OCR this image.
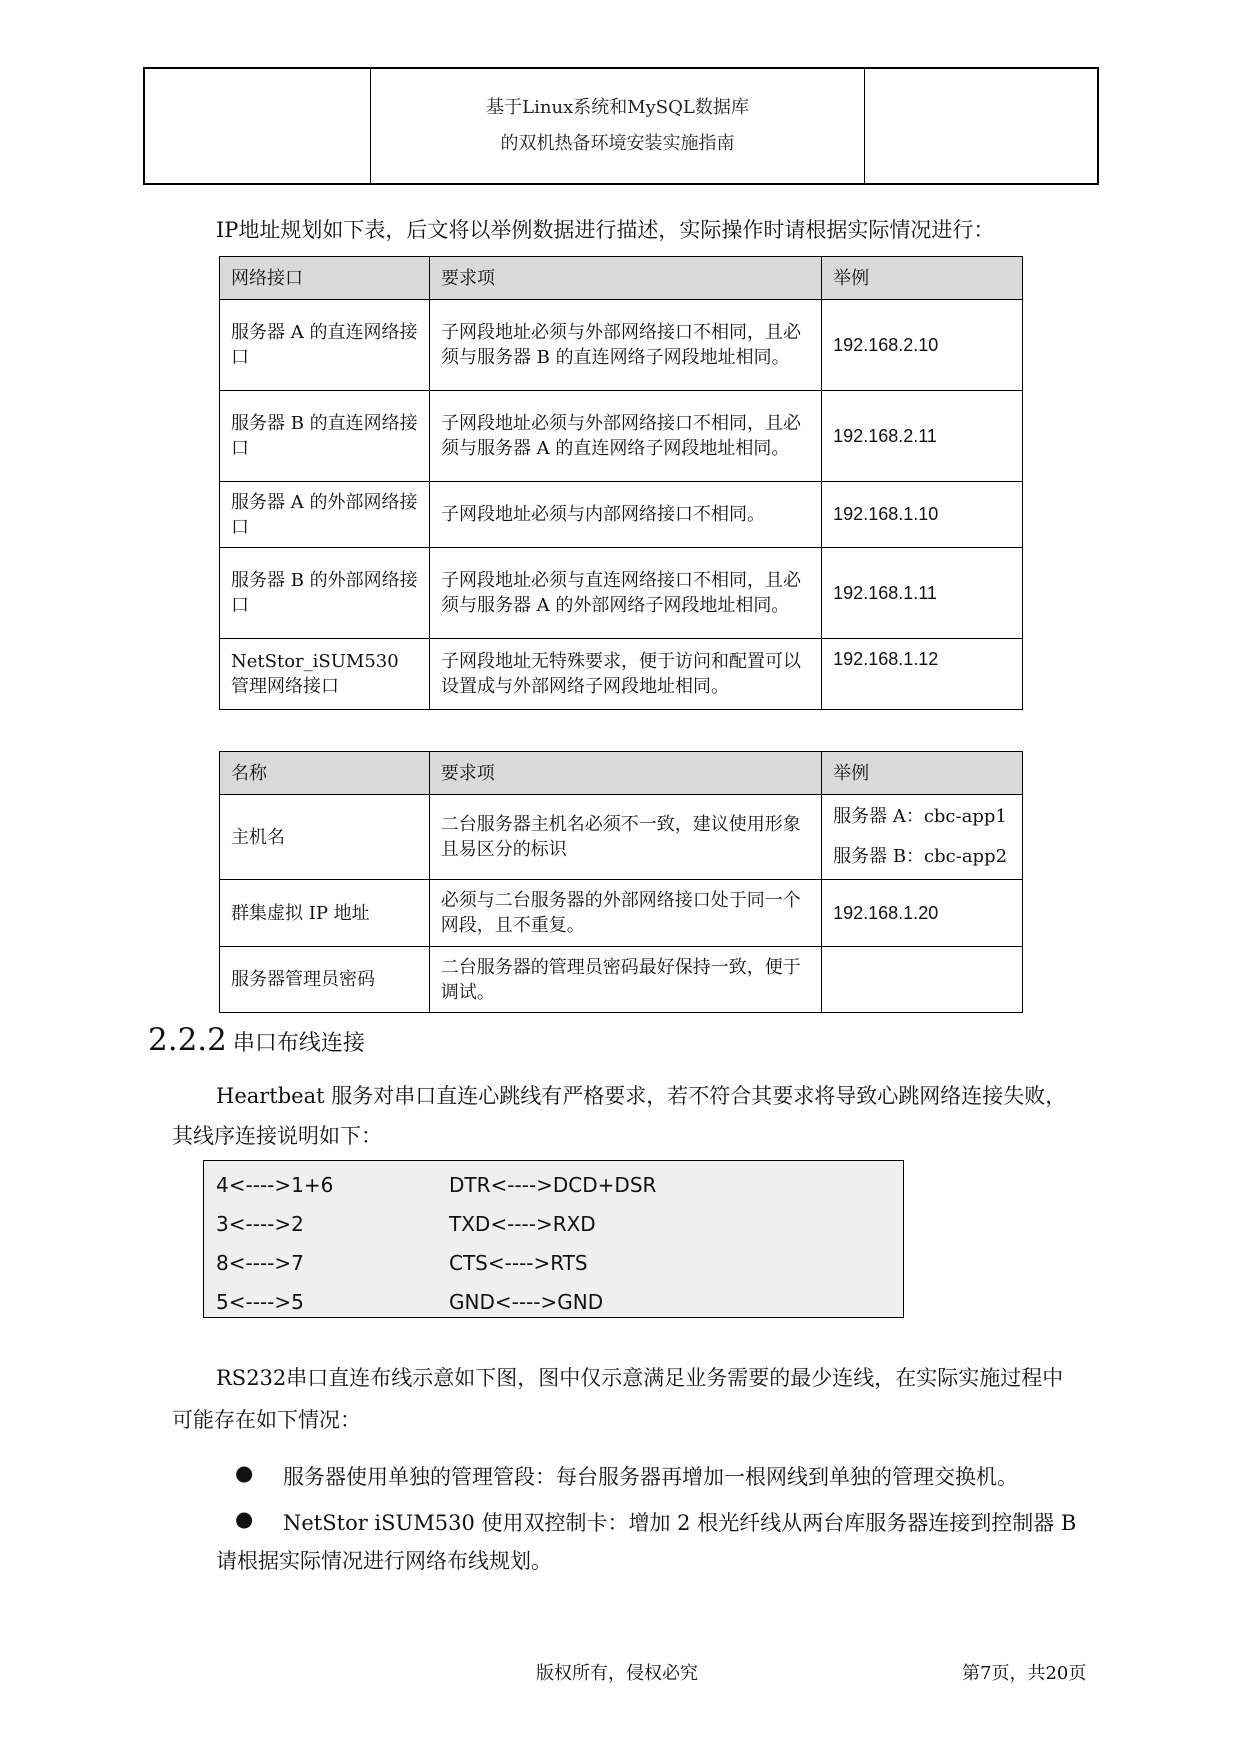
基于Linux系统和MySQL数据库
的双机热备环境安装实施指南
IP地址规划如下表，后文将以举例数据进行描述，实际操作时请根据实际情况进行：
网络接口	要求项	举例
服务器 A 的直连网络接口	子网段地址必须与外部网络接口不相同，且必须与服务器 B 的直连网络子网段地址相同。	192.168.2.10
服务器 B 的直连网络接口	子网段地址必须与外部网络接口不相同，且必须与服务器 A 的直连网络子网段地址相同。	192.168.2.11
服务器 A 的外部网络接口	子网段地址必须与内部网络接口不相同。	192.168.1.10
服务器 B 的外部网络接口	子网段地址必须与直连网络接口不相同，且必须与服务器 A 的外部网络子网段地址相同。	192.168.1.11
NetStor_iSUM530 管理网络接口	子网段地址无特殊要求，便于访问和配置可以设置成与外部网络子网段地址相同。	192.168.1.12
名称	要求项	举例
主机名	二台服务器主机名必须不一致，建议使用形象且易区分的标识	服务器 A：cbc-app1
服务器 B：cbc-app2

群集虚拟 IP 地址	必须与二台服务器的外部网络接口处于同一个网段，且不重复。	192.168.1.20
服务器管理员密码	二台服务器的管理员密码最好保持一致，便于调试。	
2.2.2 串口布线连接
Heartbeat 服务对串口直连心跳线有严格要求，若不符合其要求将导致心跳网络连接失败，
其线序连接说明如下：
4<---->1+6	DTR<---->DCD+DSR
3<---->2	TXD<---->RXD
8<---->7	CTS<---->RTS
5<---->5	GND<---->GND
RS232串口直连布线示意如下图，图中仅示意满足业务需要的最少连线，在实际实施过程中
可能存在如下情况：
● 服务器使用单独的管理管段：每台服务器再增加一根网线到单独的管理交换机。
● NetStor iSUM530 使用双控制卡：增加 2 根光纤线从两台库服务器连接到控制器 B
请根据实际情况进行网络布线规划。
版权所有，侵权必究	第7页，共20页
